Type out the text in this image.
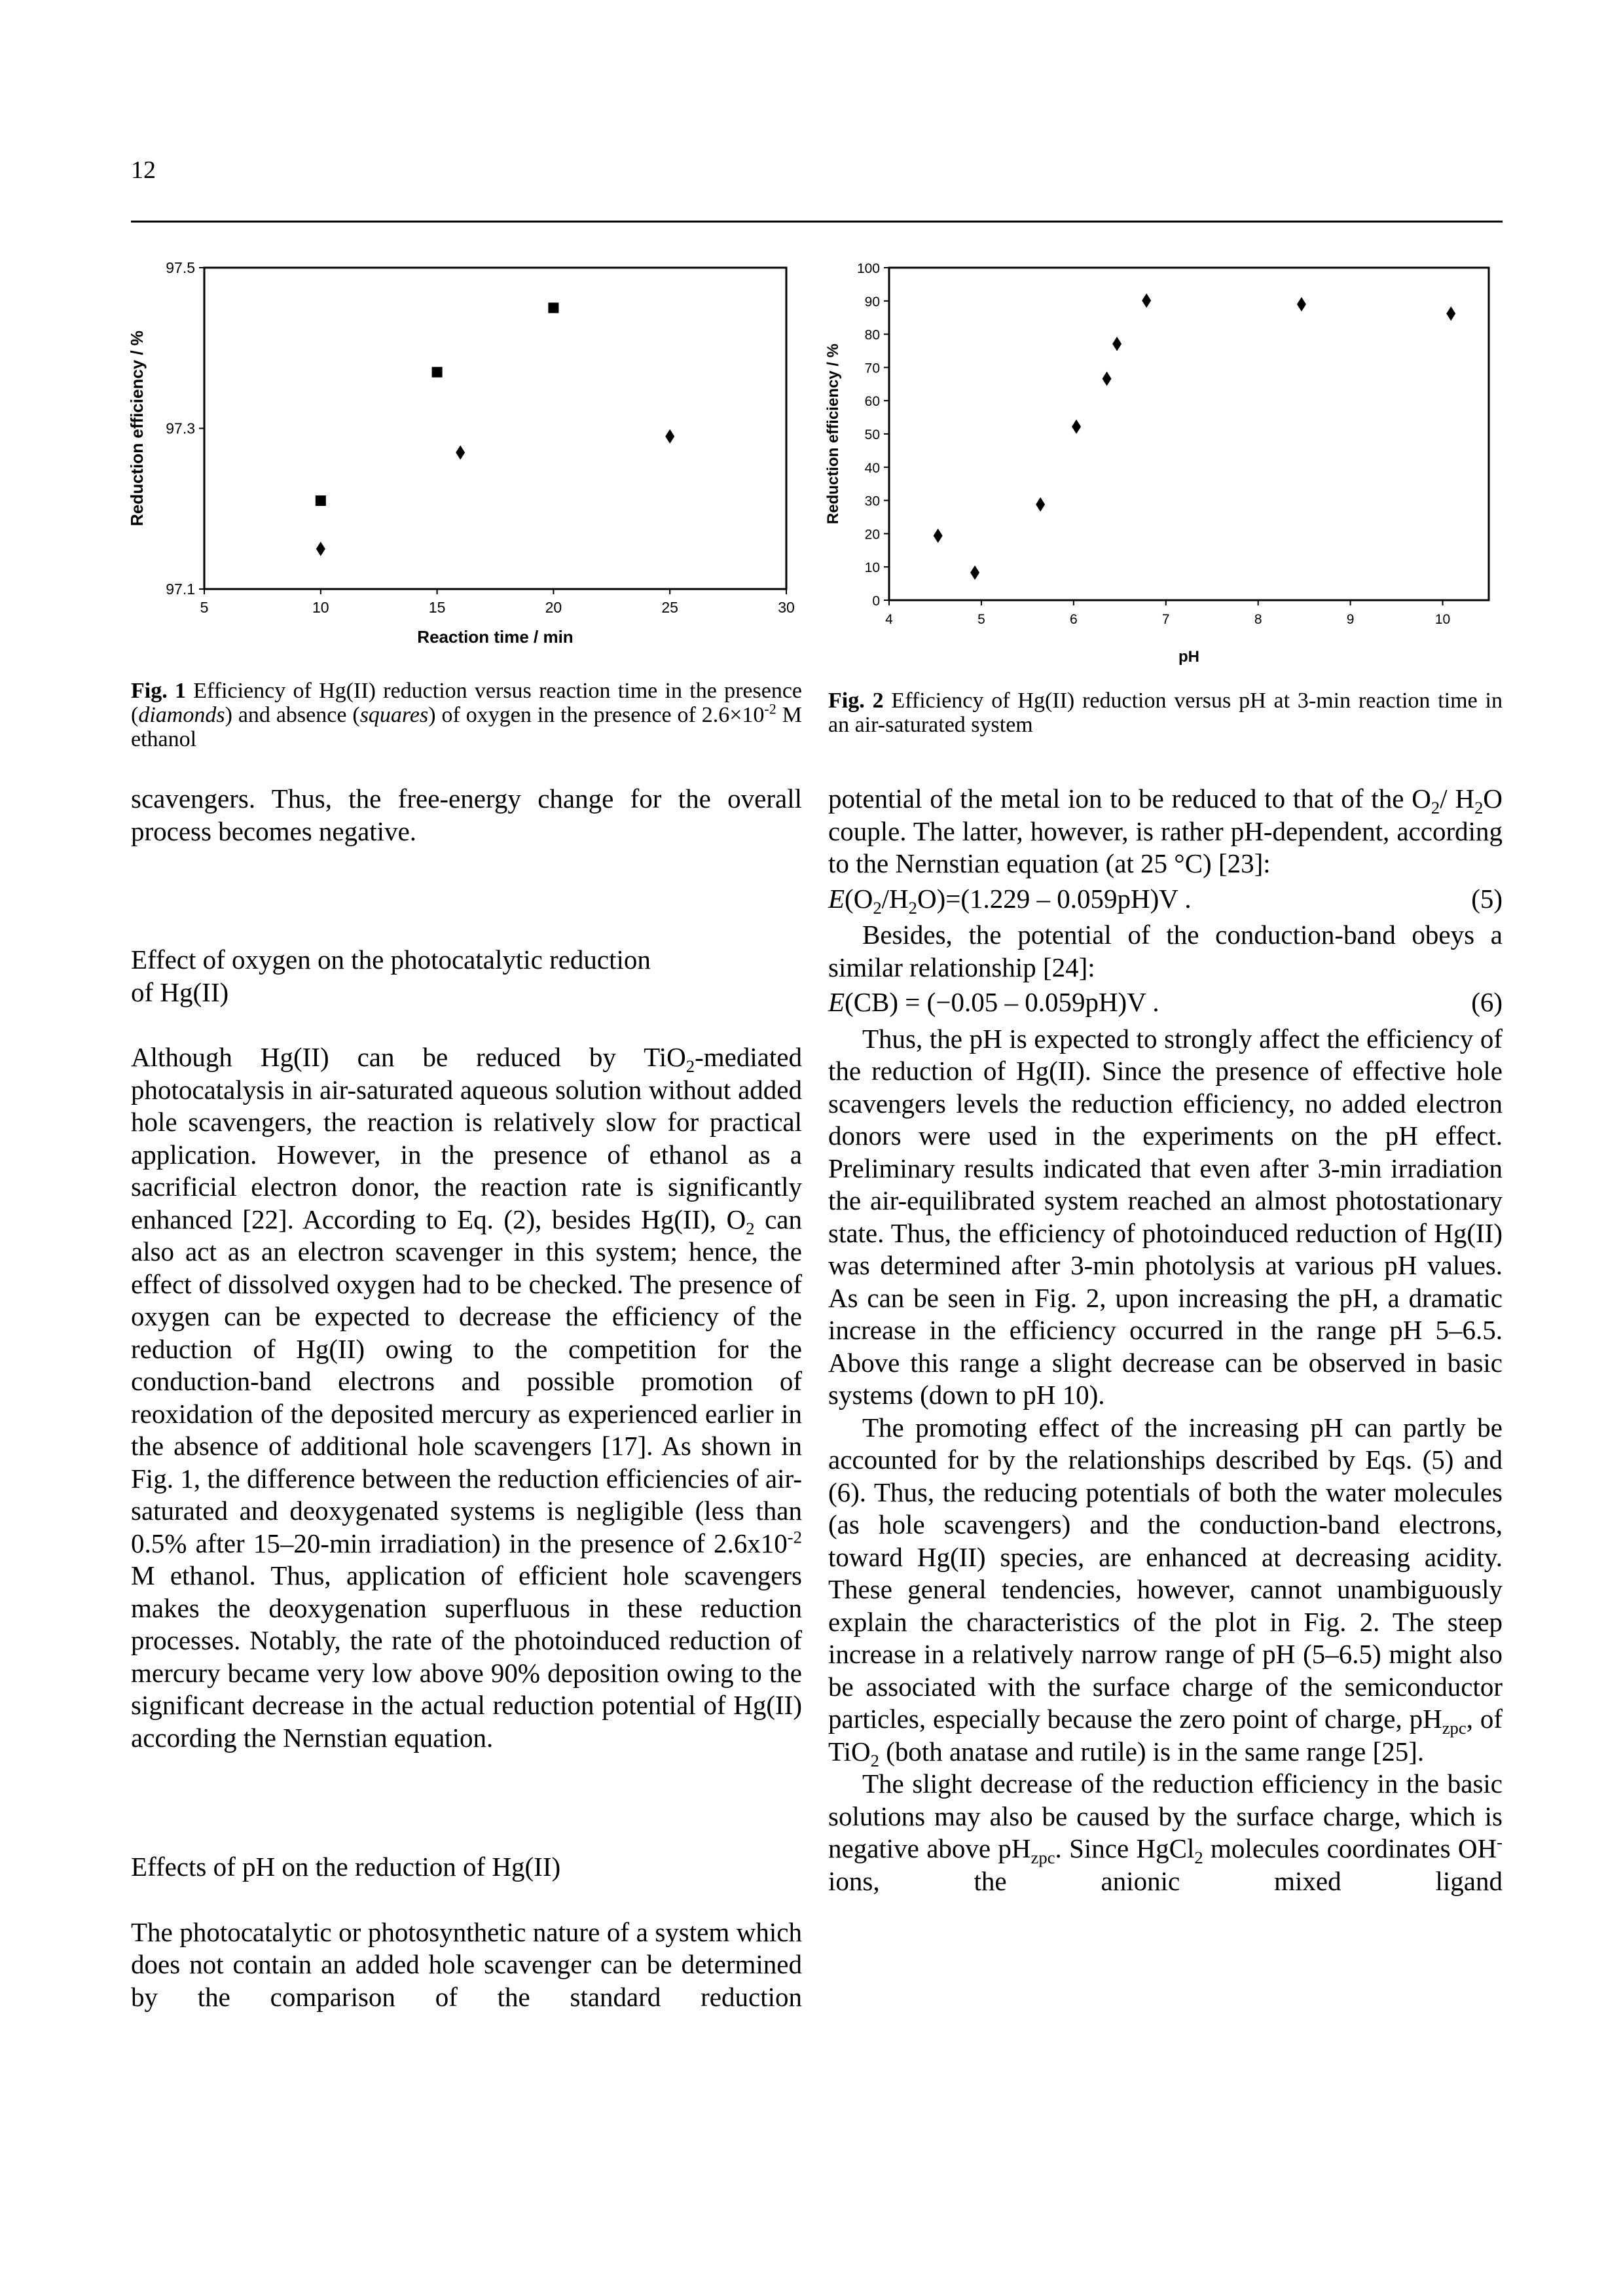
12
97.1
97.3
97.5
5	10	15	20	25	30
Reaction time / min
Reduction efficiency / %
0
10
20
30
40
50
60
70
80
90
100
4	5	6	7	8	9	10
pH
Reduction efficiency / %
Fig. 1 Efficiency of Hg(II) reduction versus reaction time in the presence (diamonds) and absence (squares) of oxygen in the presence of $2.6\times 10^{-2}$ M ethanol
Fig. 2 Efficiency of Hg(II) reduction versus pH at 3-min reaction time in an air-saturated system

scavengers. Thus, the free-energy change for the overall process becomes negative.

Effect of oxygen on the photocatalytic reduction
of Hg(II)

Although Hg(II) can be reduced by TiO$_2$-mediated photocatalysis in air-saturated aqueous solution without added hole scavengers, the reaction is relatively slow for practical application. However, in the presence of ethanol as a sacrificial electron donor, the reaction rate is significantly enhanced [22]. According to Eq. (2), besides Hg(II), $O_2$ can also act as an electron scavenger in this system; hence, the effect of dissolved oxygen had to be checked. The presence of oxygen can be expected to decrease the efficiency of the reduction of Hg(II) owing to the competition for the conduction-band electrons and possible promotion of reoxidation of the deposited mercury as experienced earlier in the absence of additional hole scavengers [17]. As shown in Fig. 1, the difference between the reduction efficiencies of air-saturated and deoxygenated systems is negligible (less than 0.5% after 15–20-min irradiation) in the presence of $2.6x10^{-2}$ M ethanol. Thus, application of efficient hole scavengers makes the deoxygenation superfluous in these reduction processes. Notably, the rate of the photoinduced reduction of mercury became very low above 90% deposition owing to the significant decrease in the actual reduction potential of Hg(II) according the Nernstian equation.

Effects of pH on the reduction of Hg(II)

The photocatalytic or photosynthetic nature of a system which does not contain an added hole scavenger can be determined by the comparison of the standard reduction

potential of the metal ion to be reduced to that of the $O_2/$ $H_2O$ couple. The latter, however, is rather pH-dependent, according to the Nernstian equation (at 25 °C) [23]:

$E(O_2/H_2O)=(1.229 - 0.059pH)V$ .	(5)

Besides, the potential of the conduction-band obeys a similar relationship [24]:

E(CB) = (−0.05 – 0.059pH)V .	(6)

Thus, the pH is expected to strongly affect the efficiency of the reduction of Hg(II). Since the presence of effective hole scavengers levels the reduction efficiency, no added electron donors were used in the experiments on the pH effect. Preliminary results indicated that even after 3-min irradiation the air-equilibrated system reached an almost photostationary state. Thus, the efficiency of photoinduced reduction of Hg(II) was determined after 3-min photolysis at various pH values. As can be seen in Fig. 2, upon increasing the pH, a dramatic increase in the efficiency occurred in the range pH 5–6.5. Above this range a slight decrease can be observed in basic systems (down to pH 10).

The promoting effect of the increasing pH can partly be accounted for by the relationships described by Eqs. (5) and (6). Thus, the reducing potentials of both the water molecules (as hole scavengers) and the conduction-band electrons, toward Hg(II) species, are enhanced at decreasing acidity. These general tendencies, however, cannot unambiguously explain the characteristics of the plot in Fig. 2. The steep increase in a relatively narrow range of pH (5–6.5) might also be associated with the surface charge of the semiconductor particles, especially because the zero point of charge, $pH_{zpc}$, of TiO$_2$ (both anatase and rutile) is in the same range [25].

The slight decrease of the reduction efficiency in the basic solutions may also be caused by the surface charge, which is negative above $pH_{zpc}$. Since HgCl$_2$ molecules coordinates OH- ions, the anionic mixed ligand
